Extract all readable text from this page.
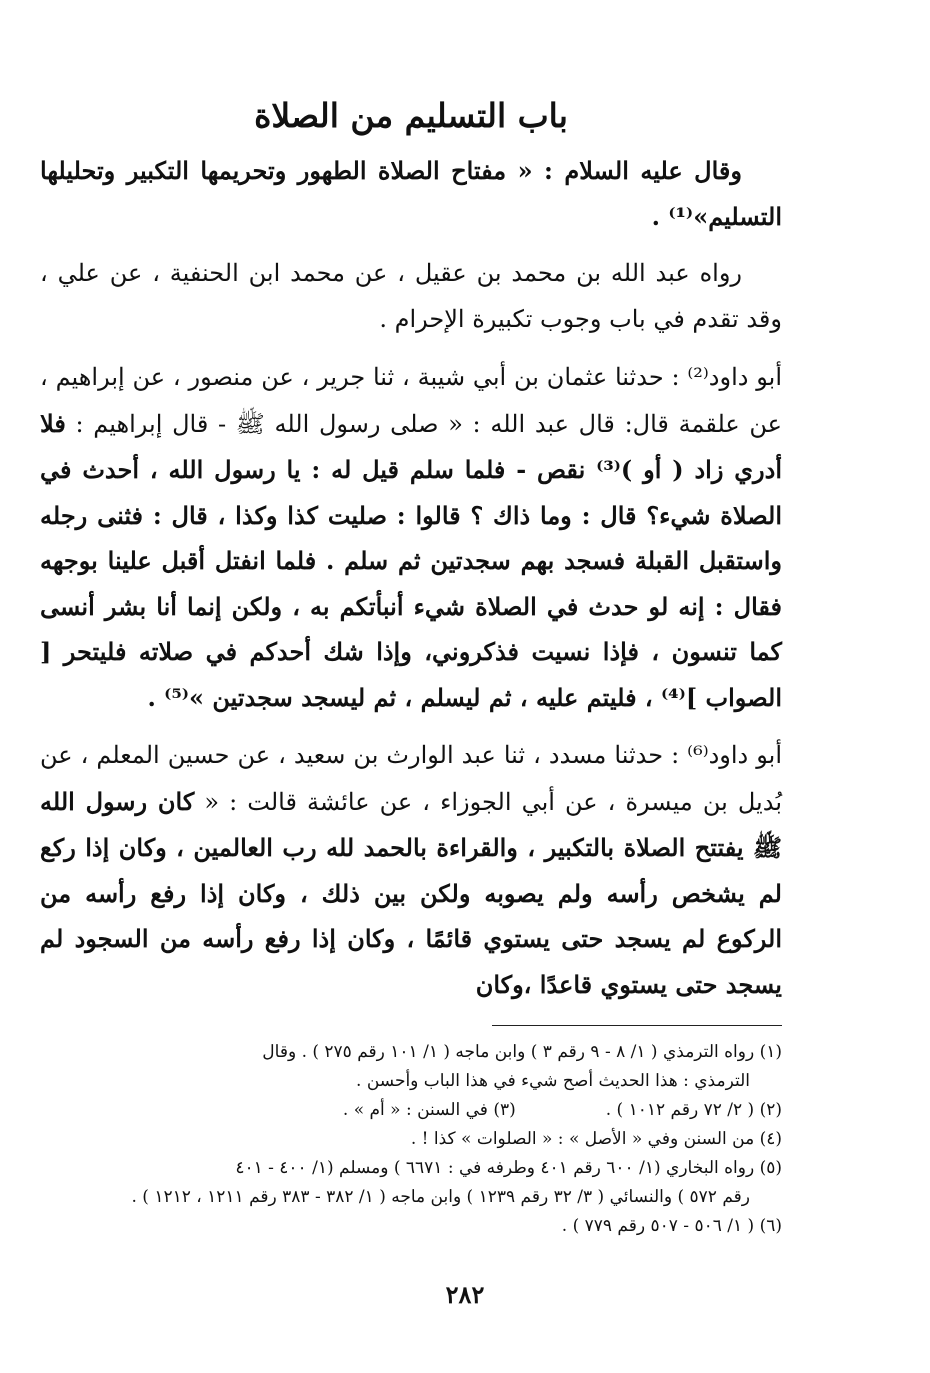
باب التسليم من الصلاة

وقال عليه السلام : « مفتاح الصلاة الطهور وتحريمها التكبير وتحليلها التسليم»⁽¹⁾ .

رواه عبد الله بن محمد بن عقيل ، عن محمد ابن الحنفية ، عن علي ، وقد تقدم في باب وجوب تكبيرة الإحرام .

أبو داود⁽²⁾ : حدثنا عثمان بن أبي شيبة ، ثنا جرير ، عن منصور ، عن إبراهيم ، عن علقمة قال: قال عبد الله : « صلى رسول الله ﷺ - قال إبراهيم : فلا أدري زاد ( أو )⁽³⁾ نقص - فلما سلم قيل له : يا رسول الله ، أحدث في الصلاة شيء؟ قال : وما ذاك ؟ قالوا : صليت كذا وكذا ، قال : فثنى رجله واستقبل القبلة فسجد بهم سجدتين ثم سلم . فلما انفتل أقبل علينا بوجهه فقال : إنه لو حدث في الصلاة شيء أنبأتكم به ، ولكن إنما أنا بشر أنسى كما تنسون ، فإذا نسيت فذكروني، وإذا شك أحدكم في صلاته فليتحر [ الصواب ]⁽⁴⁾ ، فليتم عليه ، ثم ليسلم ، ثم ليسجد سجدتين »⁽⁵⁾ .

أبو داود⁽⁶⁾ : حدثنا مسدد ، ثنا عبد الوارث بن سعيد ، عن حسين المعلم ، عن بُديل بن ميسرة ، عن أبي الجوزاء ، عن عائشة قالت : « كان رسول الله ﷺ يفتتح الصلاة بالتكبير ، والقراءة بالحمد لله رب العالمين ، وكان إذا ركع لم يشخص رأسه ولم يصوبه ولكن بين ذلك ، وكان إذا رفع رأسه من الركوع لم يسجد حتى يستوي قائمًا ، وكان إذا رفع رأسه من السجود لم يسجد حتى يستوي قاعدًا ،وكان

(١) رواه الترمذي ( ١/ ٨ - ٩ رقم ٣ ) وابن ماجه ( ١/ ١٠١ رقم ٢٧٥ ) . وقال

الترمذي : هذا الحديث أصح شيء في هذا الباب وأحسن .

(٢) ( ٢/ ٧٢ رقم ١٠١٢ ) .

(٣) في السنن : « أم » .

(٤) من السنن وفي « الأصل » : « الصلوات » كذا ! .

(٥) رواه البخاري (١/ ٦٠٠ رقم ٤٠١ وطرفه في : ٦٦٧١ ) ومسلم (١/ ٤٠٠ - ٤٠١

رقم ٥٧٢ ) والنسائي ( ٣/ ٣٢ رقم ١٢٣٩ ) وابن ماجه ( ١/ ٣٨٢ - ٣٨٣ رقم ١٢١١ ، ١٢١٢ ) .

(٦) ( ١/ ٥٠٦ - ٥٠٧ رقم ٧٧٩ ) .

٢٨٢
